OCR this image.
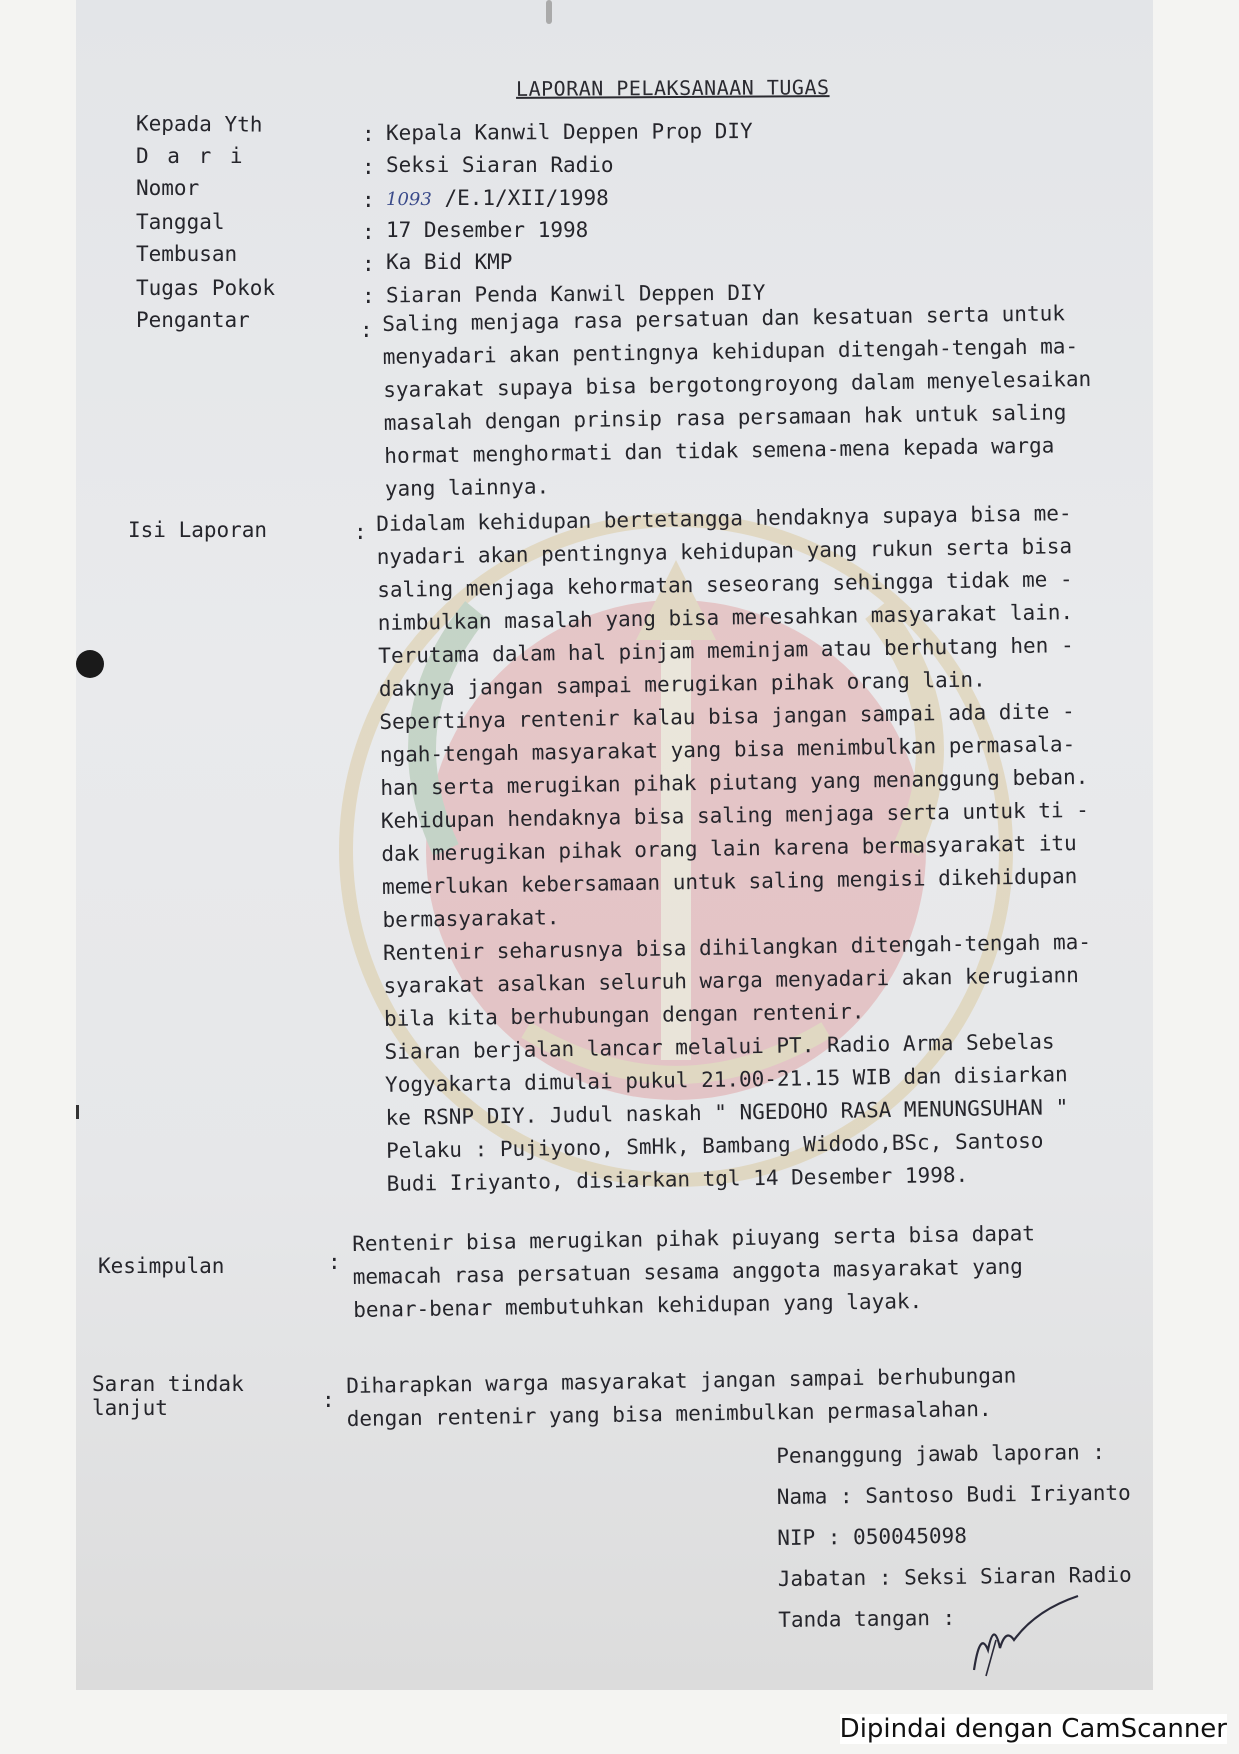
LAPORAN PELAKSANAAN TUGAS
Kepada Yth	: Kepala Kanwil Deppen Prop DIY
D a r i	: Seksi Siaran Radio
Nomor	: 1093 /E.1/XII/1998
Tanggal	: 17 Desember 1998
Tembusan	: Ka Bid KMP
Tugas Pokok	: Siaran Penda Kanwil Deppen DIY
Pengantar	: Saling menjaga rasa persatuan dan kesatuan serta untuk
menyadari akan pentingnya kehidupan ditengah-tengah ma-
syarakat supaya bisa bergotongroyong dalam menyelesaikan
masalah dengan prinsip rasa persamaan hak untuk saling
hormat menghormati dan tidak semena-mena kepada warga
yang lainnya.
Isi Laporan	: Didalam kehidupan bertetangga hendaknya supaya bisa me-
nyadari akan pentingnya kehidupan yang rukun serta bisa
saling menjaga kehormatan seseorang sehingga tidak me -
nimbulkan masalah yang bisa meresahkan masyarakat lain.
Terutama dalam hal pinjam meminjam atau berhutang hen -
daknya jangan sampai merugikan pihak orang lain.
Sepertinya rentenir kalau bisa jangan sampai ada dite -
ngah-tengah masyarakat yang bisa menimbulkan permasala-
han serta merugikan pihak piutang yang menanggung beban.
Kehidupan hendaknya bisa saling menjaga serta untuk ti -
dak merugikan pihak orang lain karena bermasyarakat itu
memerlukan kebersamaan untuk saling mengisi dikehidupan
bermasyarakat.
Rentenir seharusnya bisa dihilangkan ditengah-tengah ma-
syarakat asalkan seluruh warga menyadari akan kerugiann
bila kita berhubungan dengan rentenir.
Siaran berjalan lancar melalui PT. Radio Arma Sebelas
Yogyakarta dimulai pukul 21.00-21.15 WIB dan disiarkan
ke RSNP DIY. Judul naskah " NGEDOHO RASA MENUNGSUHAN "
Pelaku : Pujiyono, SmHk, Bambang Widodo,BSc, Santoso
Budi Iriyanto, disiarkan tgl 14 Desember 1998.
Kesimpulan	:
Rentenir bisa merugikan pihak piuyang serta bisa dapat
memacah rasa persatuan sesama anggota masyarakat yang
benar-benar membutuhkan kehidupan yang layak.
Saran tindak
lanjut	:
Diharapkan warga masyarakat jangan sampai berhubungan
dengan rentenir yang bisa menimbulkan permasalahan.
Penanggung jawab laporan :
Nama : Santoso Budi Iriyanto
NIP : 050045098
Jabatan : Seksi Siaran Radio
Tanda tangan :
Dipindai dengan CamScanner
